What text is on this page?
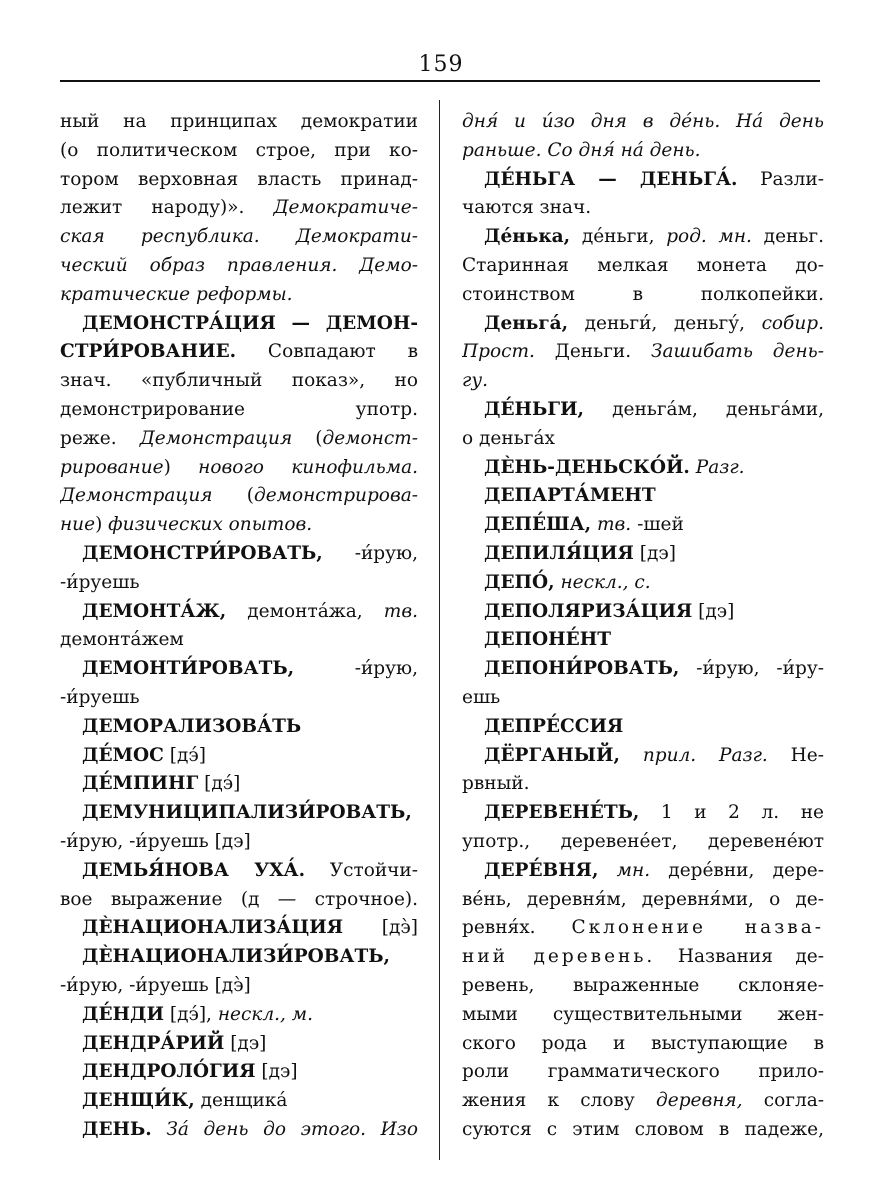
159
ный на принципах демократии
(о политическом строе, при ко-
тором верховная власть принад-
лежит народу)». Демократиче-
ская республика. Демократи-
ческий образ правления. Демо-
кратические реформы.
ДЕМОНСТРА́ЦИЯ — ДЕМОН-
СТРИ́РОВАНИЕ. Совпадают в
знач. «публичный показ», но
демонстрирование употр.
реже. Демонстрация (демонст-
рирование) нового кинофильма.
Демонстрация (демонстрирова-
ние) физических опытов.
ДЕМОНСТРИ́РОВАТЬ, -и́рую,
-и́руешь
ДЕМОНТА́Ж, демонта́жа, тв.
демонта́жем
ДЕМОНТИ́РОВАТЬ, -и́рую,
-и́руешь
ДЕМОРАЛИЗОВА́ТЬ
ДЕ́МОС [дэ́]
ДЕ́МПИНГ [дэ́]
ДЕМУНИЦИПАЛИЗИ́РОВАТЬ,
-и́рую, -и́руешь [дэ]
ДЕМЬЯ́НОВА УХА́. Устойчи-
вое выражение (д — строчное).
ДЀНАЦИОНАЛИЗА́ЦИЯ [дэ̀]
ДЀНАЦИОНАЛИЗИ́РОВАТЬ,
-и́рую, -и́руешь [дэ̀]
ДЕ́НДИ [дэ́], нескл., м.
ДЕНДРА́РИЙ [дэ]
ДЕНДРОЛО́ГИЯ [дэ]
ДЕНЩИ́К, денщика́
ДЕНЬ. За́ день до этого. Изо
дня́ и и́зо дня в де́нь. На́ день
раньше. Со дня́ на́ день.
ДЕ́НЬГА — ДЕНЬГА́. Разли-
чаются знач.
Де́нька, де́ньги, род. мн. деньг.
Старинная мелкая монета до-
стоинством в полкопейки.
Деньга́, деньги́, деньгу́, собир.
Прост. Деньги. Зашибать день-
гу.
ДЕ́НЬГИ, деньга́м, деньга́ми,
о деньга́х
ДЀНЬ-ДЕНЬСКО́Й. Разг.
ДЕПАРТА́МЕНТ
ДЕПЕ́ША, тв. -шей
ДЕПИЛЯ́ЦИЯ [дэ]
ДЕПО́, нескл., с.
ДЕПОЛЯРИЗА́ЦИЯ [дэ]
ДЕПОНЕ́НТ
ДЕПОНИ́РОВАТЬ, -и́рую, -и́ру-
ешь
ДЕПРЕ́ССИЯ
ДЁРГАНЫЙ, прил. Разг. Не-
рвный.
ДЕРЕВЕНЕ́ТЬ, 1 и 2 л. не
употр., деревене́ет, деревене́ют
ДЕРЕ́ВНЯ, мн. дере́вни, дере-
ве́нь, деревня́м, деревня́ми, о де-
ревня́х. Склонение назва-
ний деревень. Названия де-
ревень, выраженные склоняе-
мыми существительными жен-
ского рода и выступающие в
роли грамматического прило-
жения к слову деревня, согла-
суются с этим словом в падеже,
